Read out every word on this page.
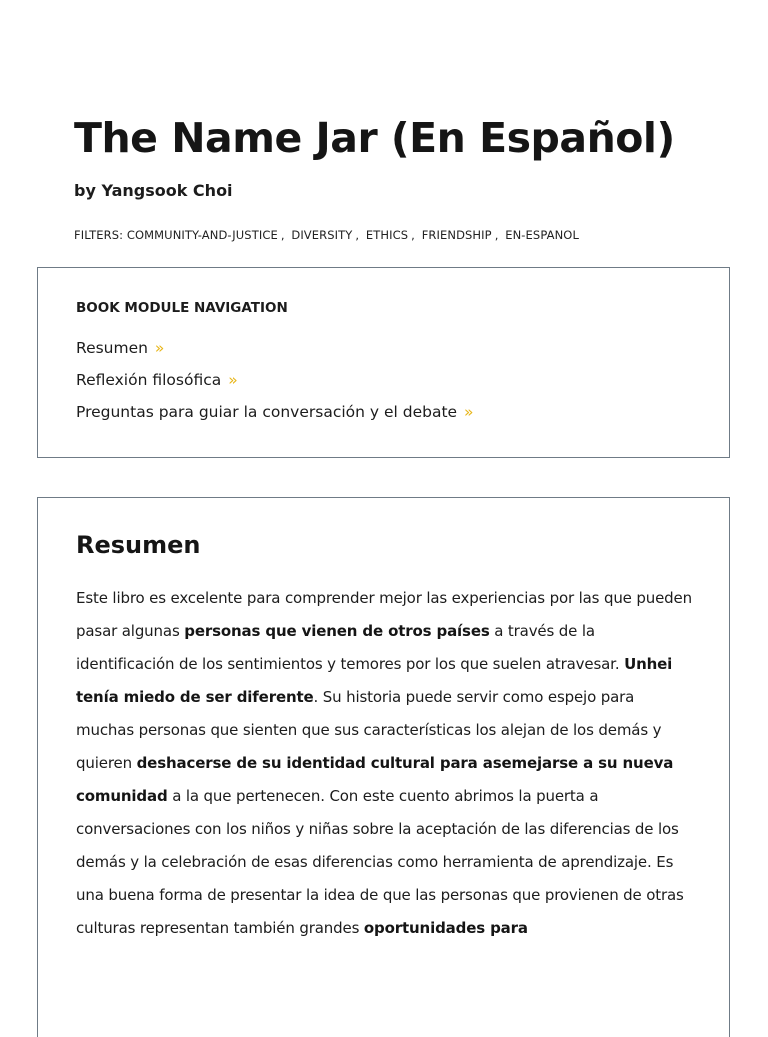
The Name Jar (En Español)

by Yangsook Choi

FILTERS: COMMUNITY-AND-JUSTICE , DIVERSITY , ETHICS , FRIENDSHIP , EN-ESPANOL

BOOK MODULE NAVIGATION
Resumen »
Reflexión filosófica »
Preguntas para guiar la conversación y el debate »
Resumen

Este libro es excelente para comprender mejor las experiencias por las que pueden pasar algunas personas que vienen de otros países a través de la identificación de los sentimientos y temores por los que suelen atravesar. Unhei tenía miedo de ser diferente. Su historia puede servir como espejo para muchas personas que sienten que sus características los alejan de los demás y quieren deshacerse de su identidad cultural para asemejarse a su nueva comunidad a la que pertenecen. Con este cuento abrimos la puerta a conversaciones con los niños y niñas sobre la aceptación de las diferencias de los demás y la celebración de esas diferencias como herramienta de aprendizaje. Es una buena forma de presentar la idea de que las personas que provienen de otras culturas representan también grandes oportunidades para
